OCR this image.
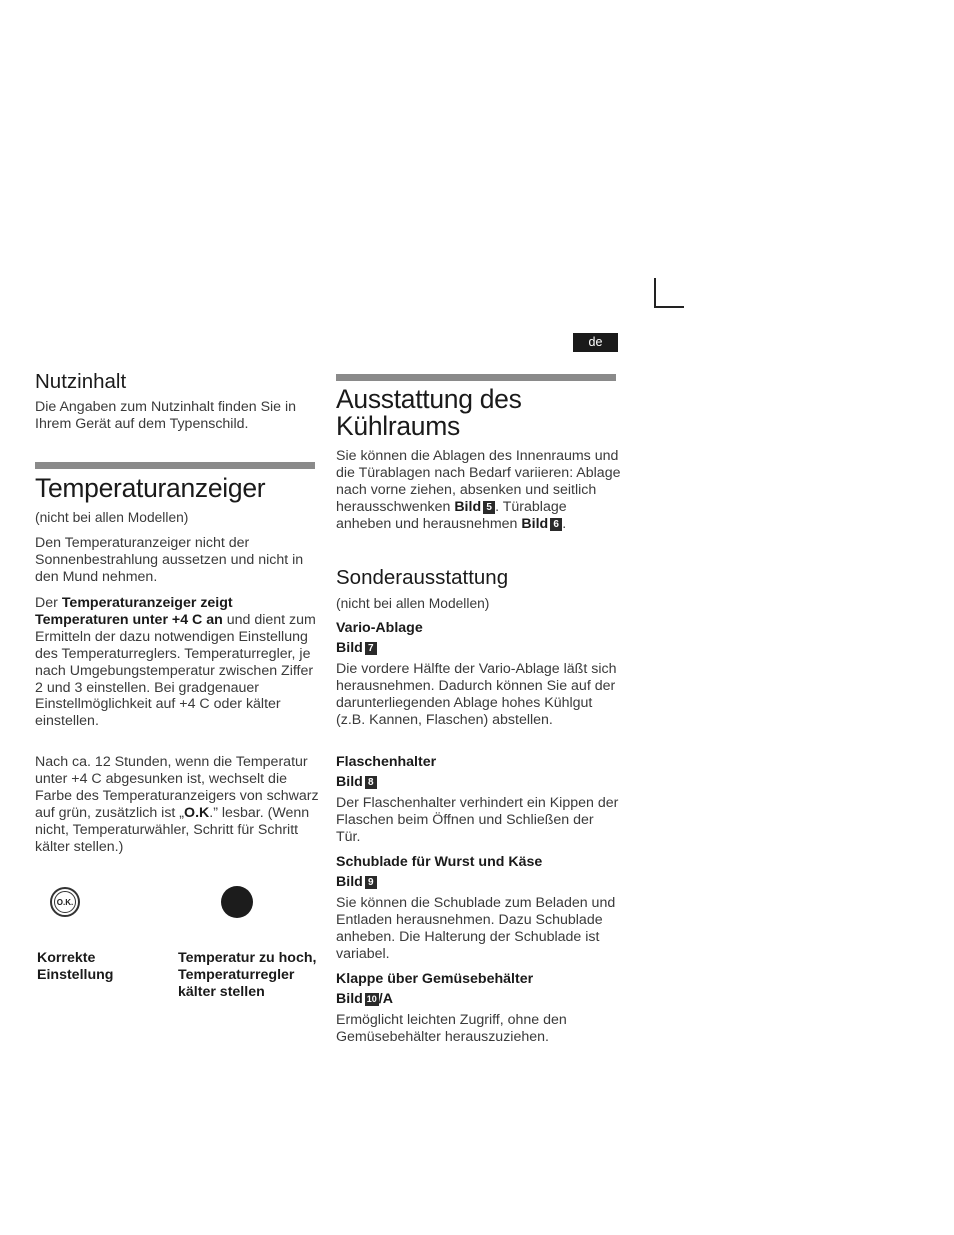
de
Nutzinhalt

Die Angaben zum Nutzinhalt finden Sie in Ihrem Gerät auf dem Typenschild.

Temperaturanzeiger

(nicht bei allen Modellen)

Den Temperaturanzeiger nicht der Sonnenbestrahlung aussetzen und nicht in den Mund nehmen.

Der Temperaturanzeiger zeigt Temperaturen unter +4 C an und dient zum Ermitteln der dazu notwendigen Einstellung des Temperaturreglers. Temperaturregler, je nach Umgebungstemperatur zwischen Ziffer 2 und 3 einstellen. Bei gradgenauer Einstellmöglichkeit auf +4 C oder kälter einstellen.

Nach ca. 12 Stunden, wenn die Temperatur unter +4 C abgesunken ist, wechselt die Farbe des Temperaturanzeigers von schwarz auf grün, zusätzlich ist „O.K.” lesbar. (Wenn nicht, Temperaturwähler, Schritt für Schritt kälter stellen.)

O.K.
Korrekte Einstellung
Temperatur zu hoch, Temperaturregler kälter stellen
Ausstattung des Kühlraums

Sie können die Ablagen des Innenraums und die Türablagen nach Bedarf variieren: Ablage nach vorne ziehen, absenken und seitlich herausschwenken Bild 5 . Türablage anheben und herausnehmen Bild 6 .

Sonderausstattung

(nicht bei allen Modellen)

Vario-Ablage
Bild 7

Die vordere Hälfte der Vario-Ablage läßt sich herausnehmen. Dadurch können Sie auf der darunterliegenden Ablage hohes Kühlgut (z.B. Kannen, Flaschen) abstellen.

Flaschenhalter
Bild 8

Der Flaschenhalter verhindert ein Kippen der Flaschen beim Öffnen und Schließen der Tür.

Schublade für Wurst und Käse
Bild 9

Sie können die Schublade zum Beladen und Entladen herausnehmen. Dazu Schublade anheben. Die Halterung der Schublade ist variabel.

Klappe über Gemüsebehälter
Bild 10 /A

Ermöglicht leichten Zugriff, ohne den Gemüsebehälter herauszuziehen.
